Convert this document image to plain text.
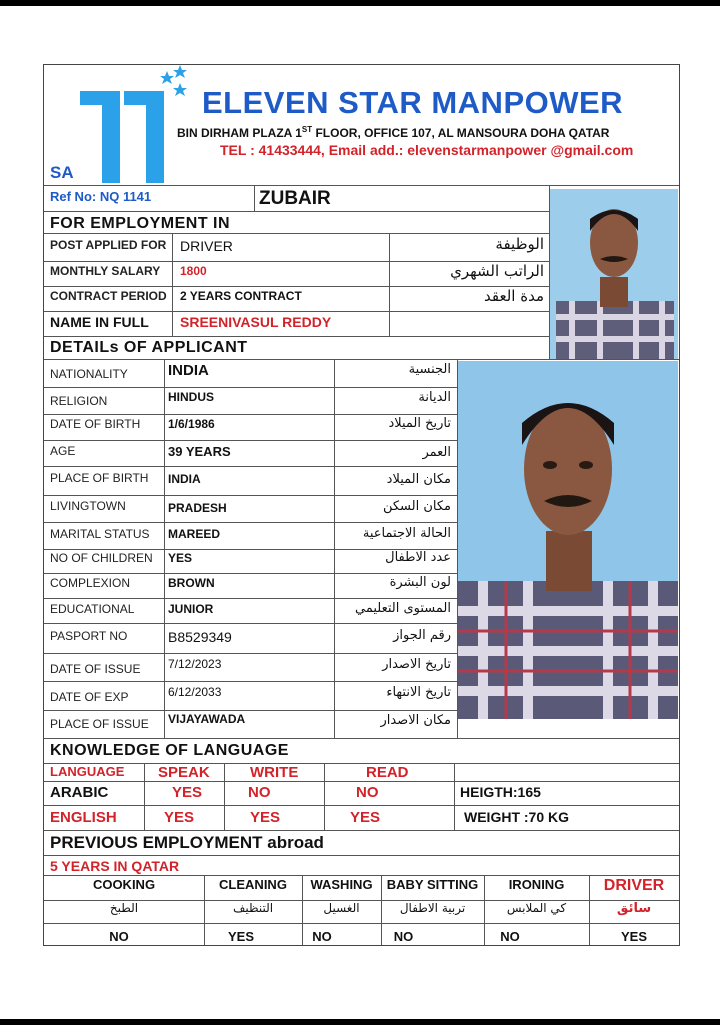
SA
ELEVEN STAR MANPOWER
BIN DIRHAM PLAZA 1ST FLOOR, OFFICE 107, AL MANSOURA DOHA QATAR
TEL : 41433444, Email add.: elevenstarmanpower @gmail.com
Ref No: NQ 1141	ZUBAIR
FOR EMPLOYMENT IN
POST APPLIED FOR DRIVER	الوظيفة
MONTHLY SALARY 1800	الراتب الشهري
CONTRACT PERIOD 2 YEARS CONTRACT	مدة العقد
NAME IN FULL SREENIVASUL REDDY
DETAILs OF APPLICANT
NATIONALITY	INDIA	الجنسية
RELIGION	HINDUS	الديانة
DATE OF BIRTH 1/6/1986	تاريخ الميلاد
AGE	39 YEARS	العمر
PLACE OF BIRTH INDIA	مكان الميلاد
LIVINGTOWN	PRADESH	مكان السكن
MARITAL STATUS MAREED	الحالة الاجتماعية
NO OF CHILDREN YES	عدد الاطفال
COMPLEXION	BROWN	لون البشرة
EDUCATIONAL	JUNIOR	المستوى التعليمي
PASPORT NO	B8529349	رقم الجواز
DATE OF ISSUE 7/12/2023	تاريخ الاصدار
DATE OF EXP	6/12/2033	تاريخ الانتهاء
PLACE OF ISSUE VIJAYAWADA	مكان الاصدار
KNOWLEDGE OF LANGUAGE
LANGUAGE SPEAK	WRITE	READ
ARABIC	YES	NO	NO	HEIGTH:165
ENGLISH	YES	YES	YES	WEIGHT :70 KG
PREVIOUS EMPLOYMENT abroad
5 YEARS IN QATAR
COOKING	CLEANING	WASHING	BABY SITTING	IRONING	DRIVER
الطبخ	التنظيف	الغسيل	تربية الاطفال	كي الملابس	سائق
NO	YES	NO	NO	NO	YES
